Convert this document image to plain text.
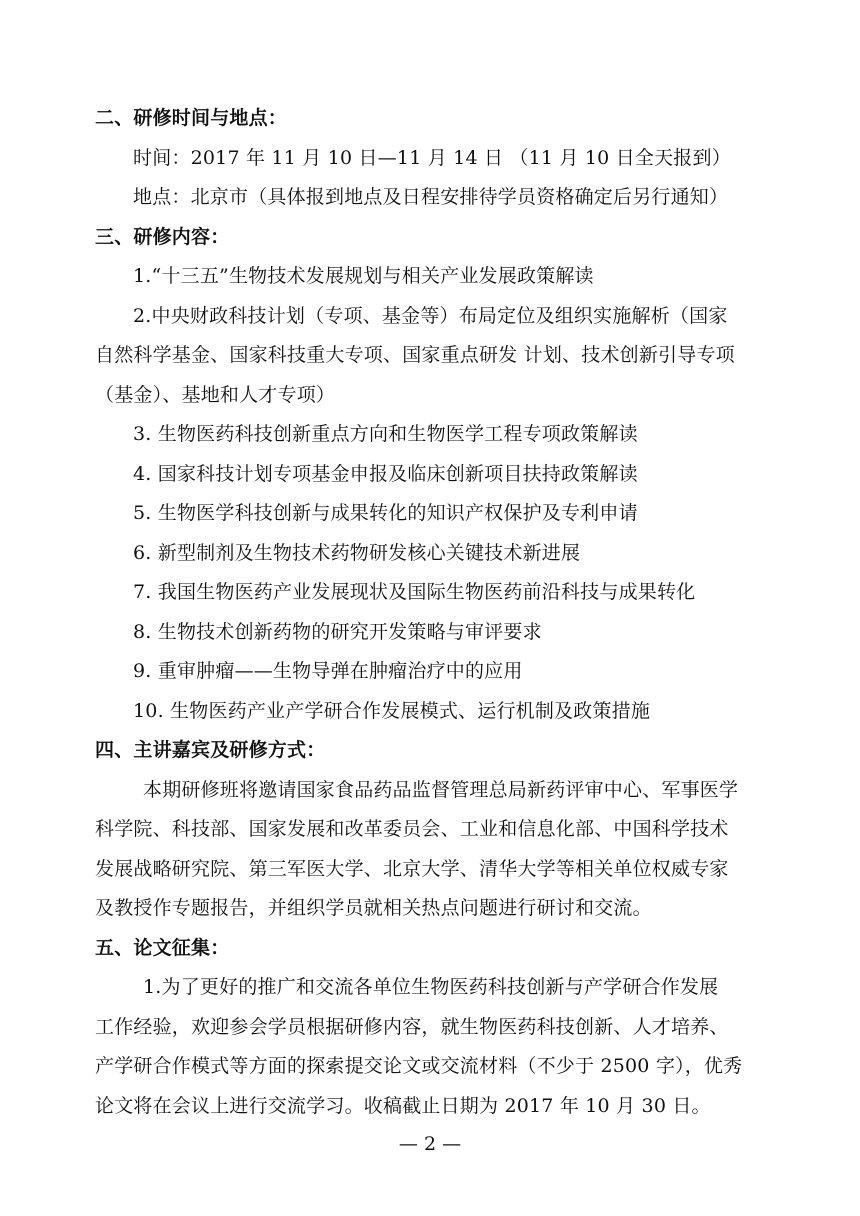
二、研修时间与地点：
时间：2017 年 11 月 10 日—11 月 14 日 （11 月 10 日全天报到）
地点：北京市（具体报到地点及日程安排待学员资格确定后另行通知）
三、研修内容：
1.“十三五”生物技术发展规划与相关产业发展政策解读
2.中央财政科技计划（专项、基金等）布局定位及组织实施解析（国家
自然科学基金、国家科技重大专项、国家重点研发 计划、技术创新引导专项
（基金）、基地和人才专项）
3. 生物医药科技创新重点方向和生物医学工程专项政策解读
4. 国家科技计划专项基金申报及临床创新项目扶持政策解读
5. 生物医学科技创新与成果转化的知识产权保护及专利申请
6. 新型制剂及生物技术药物研发核心关键技术新进展
7. 我国生物医药产业发展现状及国际生物医药前沿科技与成果转化
8. 生物技术创新药物的研究开发策略与审评要求
9. 重审肿瘤——生物导弹在肿瘤治疗中的应用
10. 生物医药产业产学研合作发展模式、运行机制及政策措施
四、主讲嘉宾及研修方式：
本期研修班将邀请国家食品药品监督管理总局新药评审中心、军事医学
科学院、科技部、国家发展和改革委员会、工业和信息化部、中国科学技术
发展战略研究院、第三军医大学、北京大学、清华大学等相关单位权威专家
及教授作专题报告，并组织学员就相关热点问题进行研讨和交流。
五、论文征集：
1.为了更好的推广和交流各单位生物医药科技创新与产学研合作发展
工作经验，欢迎参会学员根据研修内容，就生物医药科技创新、人才培养、
产学研合作模式等方面的探索提交论文或交流材料（不少于 2500 字），优秀
论文将在会议上进行交流学习。收稿截止日期为 2017 年 10 月 30 日。
— 2 —
